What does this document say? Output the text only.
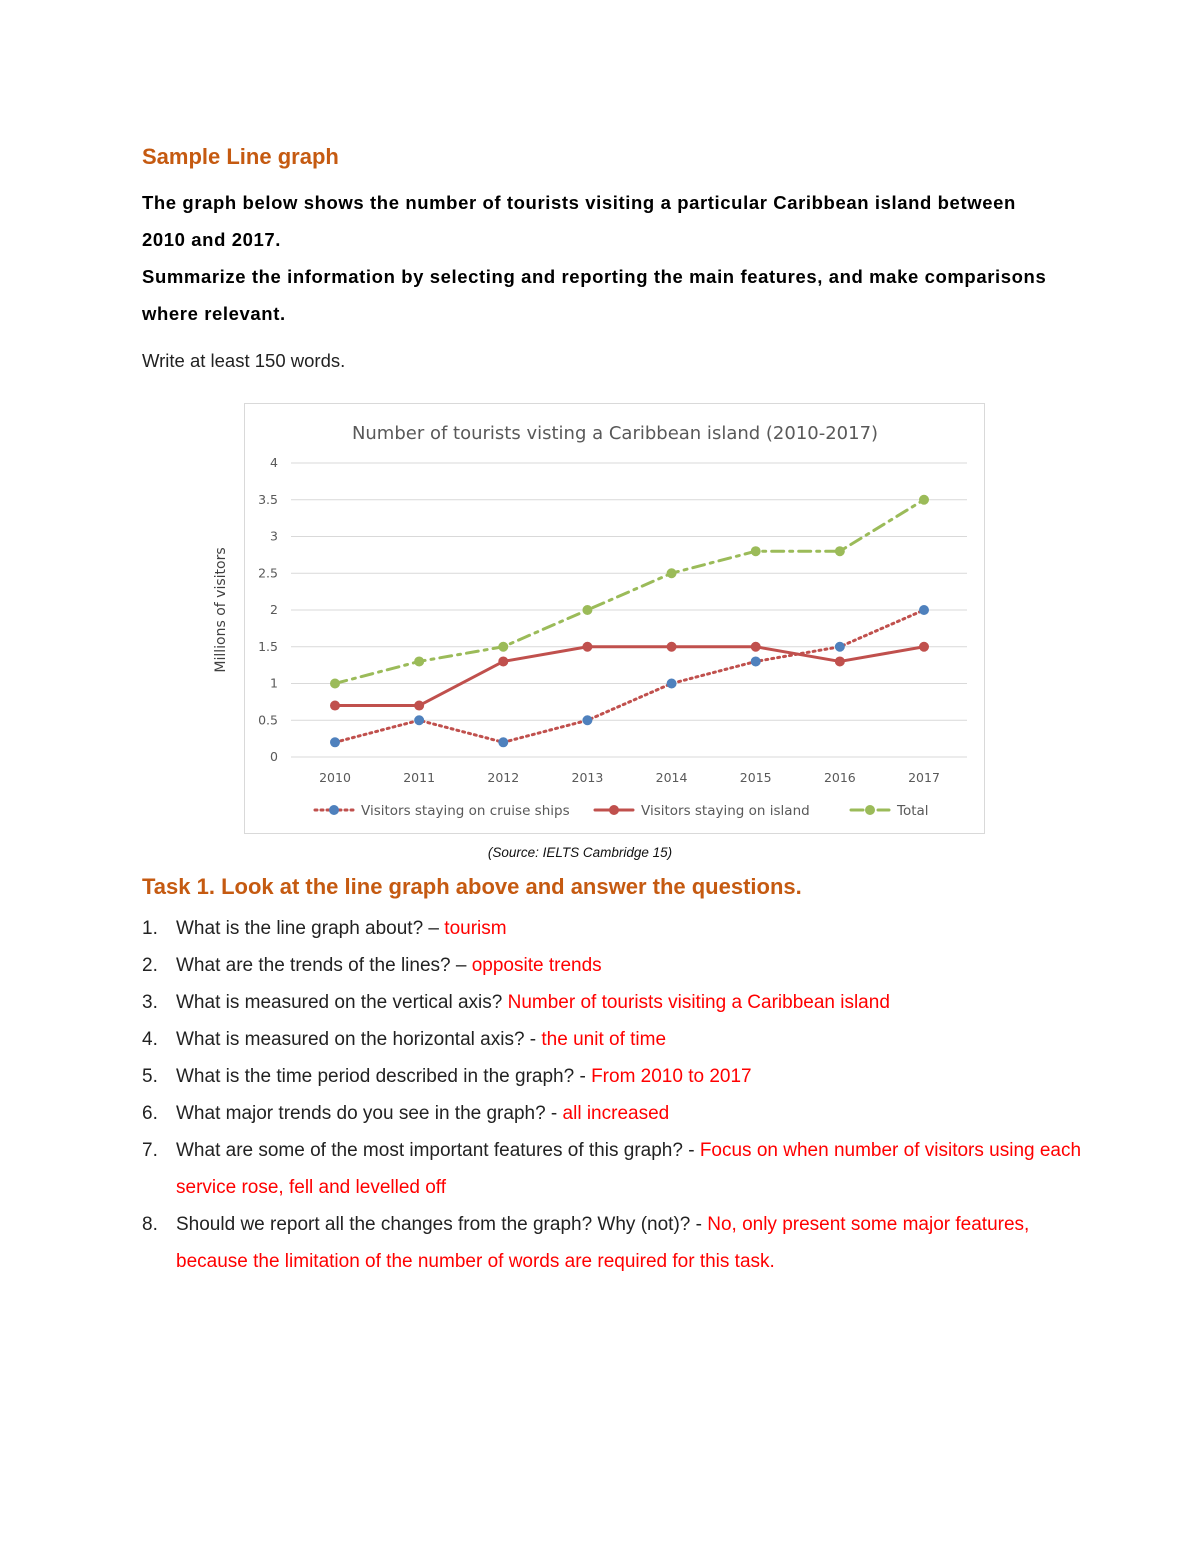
Sample Line graph

The graph below shows the number of tourists visiting a particular Caribbean island between 2010 and 2017.

Summarize the information by selecting and reporting the main features, and make comparisons where relevant.

Write at least 150 words.
Number of tourists visting a Caribbean island (2010-2017)
0
0.5
1
1.5
2
2.5
3
3.5
4
Millions of visitors
2010	2011	2012	2013	2014	2015	2016	2017
Visitors staying on cruise ships	Visitors staying on island	Total
(Source: IELTS Cambridge 15)
Task 1. Look at the line graph above and answer the questions.
1. What is the line graph about? – tourism
2. What are the trends of the lines? – opposite trends
3. What is measured on the vertical axis? Number of tourists visiting a Caribbean island
4. What is measured on the horizontal axis? - the unit of time
5. What is the time period described in the graph? - From 2010 to 2017
6. What major trends do you see in the graph? - all increased
7. What are some of the most important features of this graph? - Focus on when number of visitors using each service rose, fell and levelled off
8. Should we report all the changes from the graph? Why (not)? - No, only present some major features, because the limitation of the number of words are required for this task.
